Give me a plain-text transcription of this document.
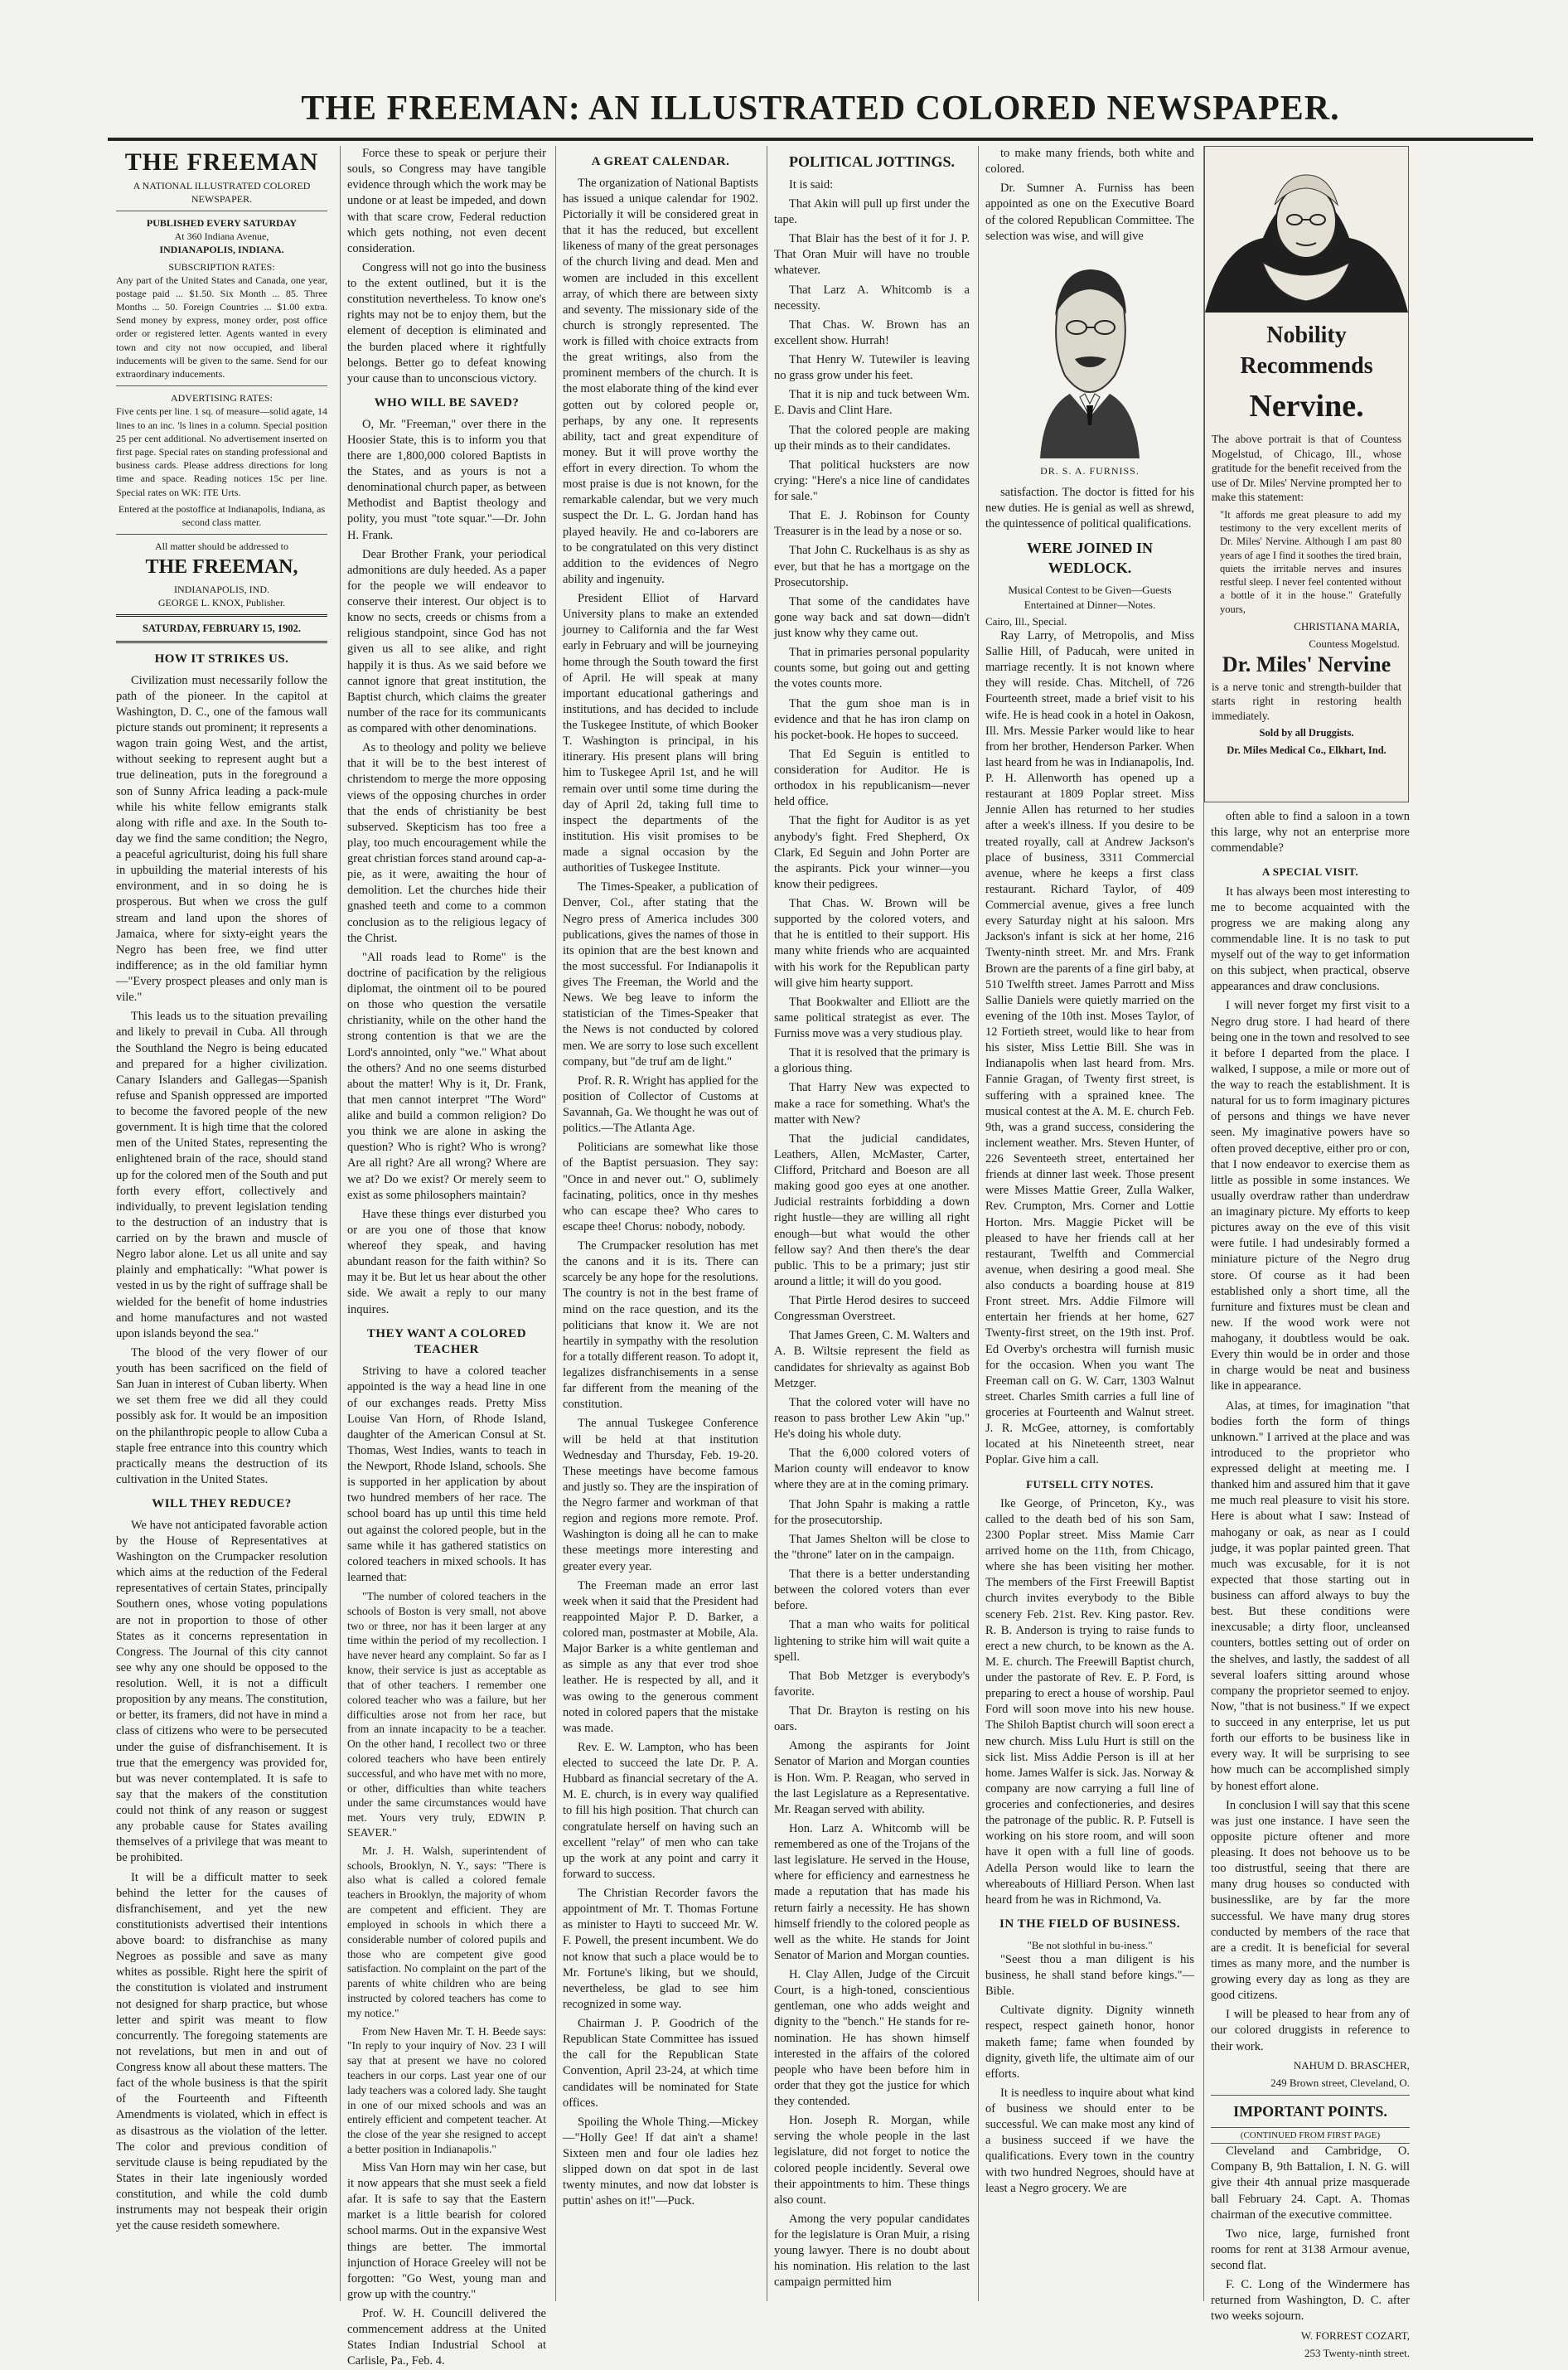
THE FREEMAN: AN ILLUSTRATED COLORED NEWSPAPER.
THE FREEMAN
A NATIONAL ILLUSTRATED COLORED NEWSPAPER.
PUBLISHED EVERY SATURDAY
At 360 Indiana Avenue,
INDIANAPOLIS, INDIANA.
SUBSCRIPTION RATES:
Any part of the United States and Canada, one year, postage paid ... $1.50. Six Month ... 85. Three Months ... 50. Foreign Countries ... $1.00 extra. Send money by express, money order, post office order or registered letter. Agents wanted in every town and city not now occupied, and liberal inducements will be given to the same. Send for our extraordinary inducements.
ADVERTISING RATES:
Five cents per line. 1 sq. of measure—solid agate, 14 lines to an inc. 'ls lines in a column. Special position 25 per cent additional. No advertisement inserted on first page. Special rates on standing professional and business cards. Please address directions for long time and space. Reading notices 15c per line. Special rates on WK: ITE Urts.
Entered at the postoffice at Indianapolis, Indiana, as second class matter.
All matter should be addressed to
THE FREEMAN,
INDIANAPOLIS, IND.
GEORGE L. KNOX, Publisher.
SATURDAY, FEBRUARY 15, 1902.
HOW IT STRIKES US.

Civilization must necessarily follow the path of the pioneer. In the capitol at Washington, D. C., one of the famous wall picture stands out prominent; it represents a wagon train going West, and the artist, without seeking to represent aught but a true delineation, puts in the foreground a son of Sunny Africa leading a pack-mule while his white fellow emigrants stalk along with rifle and axe. In the South to-day we find the same condition; the Negro, a peaceful agriculturist, doing his full share in upbuilding the material interests of his environment, and in so doing he is prosperous. But when we cross the gulf stream and land upon the shores of Jamaica, where for sixty-eight years the Negro has been free, we find utter indifference; as in the old familiar hymn—"Every prospect pleases and only man is vile."

This leads us to the situation prevailing and likely to prevail in Cuba. All through the Southland the Negro is being educated and prepared for a higher civilization. Canary Islanders and Gallegas—Spanish refuse and Spanish oppressed are imported to become the favored people of the new government. It is high time that the colored men of the United States, representing the enlightened brain of the race, should stand up for the colored men of the South and put forth every effort, collectively and individually, to prevent legislation tending to the destruction of an industry that is carried on by the brawn and muscle of Negro labor alone. Let us all unite and say plainly and emphatically: "What power is vested in us by the right of suffrage shall be wielded for the benefit of home industries and home manufactures and not wasted upon islands beyond the sea."

The blood of the very flower of our youth has been sacrificed on the field of San Juan in interest of Cuban liberty. When we set them free we did all they could possibly ask for. It would be an imposition on the philanthropic people to allow Cuba a staple free entrance into this country which practically means the destruction of its cultivation in the United States.

WILL THEY REDUCE?

We have not anticipated favorable action by the House of Representatives at Washington on the Crumpacker resolution which aims at the reduction of the Federal representatives of certain States, principally Southern ones, whose voting populations are not in proportion to those of other States as it concerns representation in Congress. The Journal of this city cannot see why any one should be opposed to the resolution. Well, it is not a difficult proposition by any means. The constitution, or better, its framers, did not have in mind a class of citizens who were to be persecuted under the guise of disfranchisement. It is true that the emergency was provided for, but was never contemplated. It is safe to say that the makers of the constitution could not think of any reason or suggest any probable cause for States availing themselves of a privilege that was meant to be prohibited.

It will be a difficult matter to seek behind the letter for the causes of disfranchisement, and yet the new constitutionists advertised their intentions above board: to disfranchise as many Negroes as possible and save as many whites as possible. Right here the spirit of the constitution is violated and instrument not designed for sharp practice, but whose letter and spirit was meant to flow concurrently. The foregoing statements are not revelations, but men in and out of Congress know all about these matters. The fact of the whole business is that the spirit of the Fourteenth and Fifteenth Amendments is violated, which in effect is as disastrous as the violation of the letter. The color and previous condition of servitude clause is being repudiated by the States in their late ingeniously worded constitution, and while the cold dumb instruments may not bespeak their origin yet the cause resideth somewhere.

Force these to speak or perjure their souls, so Congress may have tangible evidence through which the work may be undone or at least be impeded, and down with that scare crow, Federal reduction which gets nothing, not even decent consideration.

Congress will not go into the business to the extent outlined, but it is the constitution nevertheless. To know one's rights may not be to enjoy them, but the element of deception is eliminated and the burden placed where it rightfully belongs. Better go to defeat knowing your cause than to unconscious victory.

WHO WILL BE SAVED?

O, Mr. "Freeman," over there in the Hoosier State, this is to inform you that there are 1,800,000 colored Baptists in the States, and as yours is not a denominational church paper, as between Methodist and Baptist theology and polity, you must "tote squar."—Dr. John H. Frank.

Dear Brother Frank, your periodical admonitions are duly heeded. As a paper for the people we will endeavor to conserve their interest. Our object is to know no sects, creeds or chisms from a religious standpoint, since God has not given us all to see alike, and right happily it is thus. As we said before we cannot ignore that great institution, the Baptist church, which claims the greater number of the race for its communicants as compared with other denominations.

As to theology and polity we believe that it will be to the best interest of christendom to merge the more opposing views of the opposing churches in order that the ends of christianity be best subserved. Skepticism has too free a play, too much encouragement while the great christian forces stand around cap-a-pie, as it were, awaiting the hour of demolition. Let the churches hide their gnashed teeth and come to a common conclusion as to the religious legacy of the Christ.

"All roads lead to Rome" is the doctrine of pacification by the religious diplomat, the ointment oil to be poured on those who question the versatile christianity, while on the other hand the strong contention is that we are the Lord's annointed, only "we." What about the others? And no one seems disturbed about the matter! Why is it, Dr. Frank, that men cannot interpret "The Word" alike and build a common religion? Do you think we are alone in asking the question? Who is right? Who is wrong? Are all right? Are all wrong? Where are we at? Do we exist? Or merely seem to exist as some philosophers maintain?

Have these things ever disturbed you or are you one of those that know whereof they speak, and having abundant reason for the faith within? So may it be. But let us hear about the other side. We await a reply to our many inquires.

THEY WANT A COLORED TEACHER

Striving to have a colored teacher appointed is the way a head line in one of our exchanges reads. Pretty Miss Louise Van Horn, of Rhode Island, daughter of the American Consul at St. Thomas, West Indies, wants to teach in the Newport, Rhode Island, schools. She is supported in her application by about two hundred members of her race. The school board has up until this time held out against the colored people, but in the same while it has gathered statistics on colored teachers in mixed schools. It has learned that:

"The number of colored teachers in the schools of Boston is very small, not above two or three, nor has it been larger at any time within the period of my recollection. I have never heard any complaint. So far as I know, their service is just as acceptable as that of other teachers. I remember one colored teacher who was a failure, but her difficulties arose not from her race, but from an innate incapacity to be a teacher. On the other hand, I recollect two or three colored teachers who have been entirely successful, and who have met with no more, or other, difficulties than white teachers under the same circumstances would have met. Yours very truly, EDWIN P. SEAVER."

Mr. J. H. Walsh, superintendent of schools, Brooklyn, N. Y., says: "There is also what is called a colored female teachers in Brooklyn, the majority of whom are competent and efficient. They are employed in schools in which there a considerable number of colored pupils and those who are competent give good satisfaction. No complaint on the part of the parents of white children who are being instructed by colored teachers has come to my notice."

From New Haven Mr. T. H. Beede says: "In reply to your inquiry of Nov. 23 I will say that at present we have no colored teachers in our corps. Last year one of our lady teachers was a colored lady. She taught in one of our mixed schools and was an entirely efficient and competent teacher. At the close of the year she resigned to accept a better position in Indianapolis."

Miss Van Horn may win her case, but it now appears that she must seek a field afar. It is safe to say that the Eastern market is a little bearish for colored school marms. Out in the expansive West things are better. The immortal injunction of Horace Greeley will not be forgotten: "Go West, young man and grow up with the country."

Prof. W. H. Councill delivered the commencement address at the United States Indian Industrial School at Carlisle, Pa., Feb. 4.

A GREAT CALENDAR.

The organization of National Baptists has issued a unique calendar for 1902. Pictorially it will be considered great in that it has the reduced, but excellent likeness of many of the great personages of the church living and dead. Men and women are included in this excellent array, of which there are between sixty and seventy. The missionary side of the church is strongly represented. The work is filled with choice extracts from the great writings, also from the prominent members of the church. It is the most elaborate thing of the kind ever gotten out by colored people or, perhaps, by any one. It represents ability, tact and great expenditure of money. But it will prove worthy the effort in every direction. To whom the most praise is due is not known, for the remarkable calendar, but we very much suspect the Dr. L. G. Jordan hand has played heavily. He and co-laborers are to be congratulated on this very distinct addition to the evidences of Negro ability and ingenuity.

President Elliot of Harvard University plans to make an extended journey to California and the far West early in February and will be journeying home through the South toward the first of April. He will speak at many important educational gatherings and institutions, and has decided to include the Tuskegee Institute, of which Booker T. Washington is principal, in his itinerary. His present plans will bring him to Tuskegee April 1st, and he will remain over until some time during the day of April 2d, taking full time to inspect the departments of the institution. His visit promises to be made a signal occasion by the authorities of Tuskegee Institute.

The Times-Speaker, a publication of Denver, Col., after stating that the Negro press of America includes 300 publications, gives the names of those in its opinion that are the best known and the most successful. For Indianapolis it gives The Freeman, the World and the News. We beg leave to inform the statistician of the Times-Speaker that the News is not conducted by colored men. We are sorry to lose such excellent company, but "de truf am de light."

Prof. R. R. Wright has applied for the position of Collector of Customs at Savannah, Ga. We thought he was out of politics.—The Atlanta Age.

Politicians are somewhat like those of the Baptist persuasion. They say: "Once in and never out." O, sublimely facinating, politics, once in thy meshes who can escape thee? Who cares to escape thee! Chorus: nobody, nobody.

The Crumpacker resolution has met the canons and it is its. There can scarcely be any hope for the resolutions. The country is not in the best frame of mind on the race question, and its the politicians that know it. We are not heartily in sympathy with the resolution for a totally different reason. To adopt it, legalizes disfranchisements in a sense far different from the meaning of the constitution.

The annual Tuskegee Conference will be held at that institution Wednesday and Thursday, Feb. 19-20. These meetings have become famous and justly so. They are the inspiration of the Negro farmer and workman of that region and regions more remote. Prof. Washington is doing all he can to make these meetings more interesting and greater every year.

The Freeman made an error last week when it said that the President had reappointed Major P. D. Barker, a colored man, postmaster at Mobile, Ala. Major Barker is a white gentleman and as simple as any that ever trod shoe leather. He is respected by all, and it was owing to the generous comment noted in colored papers that the mistake was made.

Rev. E. W. Lampton, who has been elected to succeed the late Dr. P. A. Hubbard as financial secretary of the A. M. E. church, is in every way qualified to fill his high position. That church can congratulate herself on having such an excellent "relay" of men who can take up the work at any point and carry it forward to success.

The Christian Recorder favors the appointment of Mr. T. Thomas Fortune as minister to Hayti to succeed Mr. W. F. Powell, the present incumbent. We do not know that such a place would be to Mr. Fortune's liking, but we should, nevertheless, be glad to see him recognized in some way.

Chairman J. P. Goodrich of the Republican State Committee has issued the call for the Republican State Convention, April 23-24, at which time candidates will be nominated for State offices.

Spoiling the Whole Thing.—Mickey—"Holly Gee! If dat ain't a shame! Sixteen men and four ole ladies hez slipped down on dat spot in de last twenty minutes, and now dat lobster is puttin' ashes on it!"—Puck.

POLITICAL JOTTINGS.

It is said:

That Akin will pull up first under the tape.

That Blair has the best of it for J. P. That Oran Muir will have no trouble whatever.

That Larz A. Whitcomb is a necessity.

That Chas. W. Brown has an excellent show. Hurrah!

That Henry W. Tutewiler is leaving no grass grow under his feet.

That it is nip and tuck between Wm. E. Davis and Clint Hare.

That the colored people are making up their minds as to their candidates.

That political hucksters are now crying: "Here's a nice line of candidates for sale."

That E. J. Robinson for County Treasurer is in the lead by a nose or so.

That John C. Ruckelhaus is as shy as ever, but that he has a mortgage on the Prosecutorship.

That some of the candidates have gone way back and sat down—didn't just know why they came out.

That in primaries personal popularity counts some, but going out and getting the votes counts more.

That the gum shoe man is in evidence and that he has iron clamp on his pocket-book. He hopes to succeed.

That Ed Seguin is entitled to consideration for Auditor. He is orthodox in his republicanism—never held office.

That the fight for Auditor is as yet anybody's fight. Fred Shepherd, Ox Clark, Ed Seguin and John Porter are the aspirants. Pick your winner—you know their pedigrees.

That Chas. W. Brown will be supported by the colored voters, and that he is entitled to their support. His many white friends who are acquainted with his work for the Republican party will give him hearty support.

That Bookwalter and Elliott are the same political strategist as ever. The Furniss move was a very studious play.

That it is resolved that the primary is a glorious thing.

That Harry New was expected to make a race for something. What's the matter with New?

That the judicial candidates, Leathers, Allen, McMaster, Carter, Clifford, Pritchard and Boeson are all making good goo eyes at one another. Judicial restraints forbidding a down right hustle—they are willing all right enough—but what would the other fellow say? And then there's the dear public. This to be a primary; just stir around a little; it will do you good.

That Pirtle Herod desires to succeed Congressman Overstreet.

That James Green, C. M. Walters and A. B. Wiltsie represent the field as candidates for shrievalty as against Bob Metzger.

That the colored voter will have no reason to pass brother Lew Akin "up." He's doing his whole duty.

That the 6,000 colored voters of Marion county will endeavor to know where they are at in the coming primary.

That John Spahr is making a rattle for the prosecutorship.

That James Shelton will be close to the "throne" later on in the campaign.

That there is a better understanding between the colored voters than ever before.

That a man who waits for political lightening to strike him will wait quite a spell.

That Bob Metzger is everybody's favorite.

That Dr. Brayton is resting on his oars.

Among the aspirants for Joint Senator of Marion and Morgan counties is Hon. Wm. P. Reagan, who served in the last Legislature as a Representative. Mr. Reagan served with ability.

Hon. Larz A. Whitcomb will be remembered as one of the Trojans of the last legislature. He served in the House, where for efficiency and earnestness he made a reputation that has made his return fairly a necessity. He has shown himself friendly to the colored people as well as the white. He stands for Joint Senator of Marion and Morgan counties.

H. Clay Allen, Judge of the Circuit Court, is a high-toned, conscientious gentleman, one who adds weight and dignity to the "bench." He stands for re-nomination. He has shown himself interested in the affairs of the colored people who have been before him in order that they got the justice for which they contended.

Hon. Joseph R. Morgan, while serving the whole people in the last legislature, did not forget to notice the colored people incidently. Several owe their appointments to him. These things also count.

Among the very popular candidates for the legislature is Oran Muir, a rising young lawyer. There is no doubt about his nomination. His relation to the last campaign permitted him

to make many friends, both white and colored.

Dr. Sumner A. Furniss has been appointed as one on the Executive Board of the colored Republican Committee. The selection was wise, and will give

DR. S. A. FURNISS.

satisfaction. The doctor is fitted for his new duties. He is genial as well as shrewd, the quintessence of political qualifications.

WERE JOINED IN WEDLOCK.
Musical Contest to be Given—Guests Entertained at Dinner—Notes.
Cairo, Ill., Special.

Ray Larry, of Metropolis, and Miss Sallie Hill, of Paducah, were united in marriage recently. It is not known where they will reside. Chas. Mitchell, of 726 Fourteenth street, made a brief visit to his wife. He is head cook in a hotel in Oakosn, Ill. Mrs. Messie Parker would like to hear from her brother, Henderson Parker. When last heard from he was in Indianapolis, Ind. P. H. Allenworth has opened up a restaurant at 1809 Poplar street. Miss Jennie Allen has returned to her studies after a week's illness. If you desire to be treated royally, call at Andrew Jackson's place of business, 3311 Commercial avenue, where he keeps a first class restaurant. Richard Taylor, of 409 Commercial avenue, gives a free lunch every Saturday night at his saloon. Mrs Jackson's infant is sick at her home, 216 Twenty-ninth street. Mr. and Mrs. Frank Brown are the parents of a fine girl baby, at 510 Twelfth street. James Parrott and Miss Sallie Daniels were quietly married on the evening of the 10th inst. Moses Taylor, of 12 Fortieth street, would like to hear from his sister, Miss Lettie Bill. She was in Indianapolis when last heard from. Mrs. Fannie Gragan, of Twenty first street, is suffering with a sprained knee. The musical contest at the A. M. E. church Feb. 9th, was a grand success, considering the inclement weather. Mrs. Steven Hunter, of 226 Seventeeth street, entertained her friends at dinner last week. Those present were Misses Mattie Greer, Zulla Walker, Rev. Crumpton, Mrs. Corner and Lottie Horton. Mrs. Maggie Picket will be pleased to have her friends call at her restaurant, Twelfth and Commercial avenue, when desiring a good meal. She also conducts a boarding house at 819 Front street. Mrs. Addie Filmore will entertain her friends at her home, 627 Twenty-first street, on the 19th inst. Prof. Ed Overby's orchestra will furnish music for the occasion. When you want The Freeman call on G. W. Carr, 1303 Walnut street. Charles Smith carries a full line of groceries at Fourteenth and Walnut street. J. R. McGee, attorney, is comfortably located at his Nineteenth street, near Poplar. Give him a call.

FUTSELL CITY NOTES.

Ike George, of Princeton, Ky., was called to the death bed of his son Sam, 2300 Poplar street. Miss Mamie Carr arrived home on the 11th, from Chicago, where she has been visiting her mother. The members of the First Freewill Baptist church invites everybody to the Bible scenery Feb. 21st. Rev. King pastor. Rev. R. B. Anderson is trying to raise funds to erect a new church, to be known as the A. M. E. church. The Freewill Baptist church, under the pastorate of Rev. E. P. Ford, is preparing to erect a house of worship. Paul Ford will soon move into his new house. The Shiloh Baptist church will soon erect a new church. Miss Lulu Hurt is still on the sick list. Miss Addie Person is ill at her home. James Walfer is sick. Jas. Norway & company are now carrying a full line of groceries and confectioneries, and desires the patronage of the public. R. P. Futsell is working on his store room, and will soon have it open with a full line of goods. Adella Person would like to learn the whereabouts of Hilliard Person. When last heard from he was in Richmond, Va.

IN THE FIELD OF BUSINESS.
"Be not slothful in bu-iness."

"Seest thou a man diligent is his business, he shall stand before kings."—Bible.

Cultivate dignity. Dignity winneth respect, respect gaineth honor, honor maketh fame; fame when founded by dignity, giveth life, the ultimate aim of our efforts.

It is needless to inquire about what kind of business we should enter to be successful. We can make most any kind of a business succeed if we have the qualifications. Every town in the country with two hundred Negroes, should have at least a Negro grocery. We are

Nobility
Recommends
Nervine.
The above portrait is that of Countess Mogelstud, of Chicago, Ill., whose gratitude for the benefit received from the use of Dr. Miles' Nervine prompted her to make this statement:
"It affords me great pleasure to add my testimony to the very excellent merits of Dr. Miles' Nervine. Although I am past 80 years of age I find it soothes the tired brain, quiets the irritable nerves and insures restful sleep. I never feel contented without a bottle of it in the house." Gratefully yours,
CHRISTIANA MARIA,
Countess Mogelstud.
Dr. Miles' Nervine
is a nerve tonic and strength-builder that starts right in restoring health immediately.
Sold by all Druggists.
Dr. Miles Medical Co., Elkhart, Ind.

often able to find a saloon in a town this large, why not an enterprise more commendable?

A SPECIAL VISIT.

It has always been most interesting to me to become acquainted with the progress we are making along any commendable line. It is no task to put myself out of the way to get information on this subject, when practical, observe appearances and draw conclusions.

I will never forget my first visit to a Negro drug store. I had heard of there being one in the town and resolved to see it before I departed from the place. I walked, I suppose, a mile or more out of the way to reach the establishment. It is natural for us to form imaginary pictures of persons and things we have never seen. My imaginative powers have so often proved deceptive, either pro or con, that I now endeavor to exercise them as little as possible in some instances. We usually overdraw rather than underdraw an imaginary picture. My efforts to keep pictures away on the eve of this visit were futile. I had undesirably formed a miniature picture of the Negro drug store. Of course as it had been established only a short time, all the furniture and fixtures must be clean and new. If the wood work were not mahogany, it doubtless would be oak. Every thin would be in order and those in charge would be neat and business like in appearance.

Alas, at times, for imagination "that bodies forth the form of things unknown." I arrived at the place and was introduced to the proprietor who expressed delight at meeting me. I thanked him and assured him that it gave me much real pleasure to visit his store. Here is about what I saw: Instead of mahogany or oak, as near as I could judge, it was poplar painted green. That much was excusable, for it is not expected that those starting out in business can afford always to buy the best. But these conditions were inexcusable; a dirty floor, uncleansed counters, bottles setting out of order on the shelves, and lastly, the saddest of all several loafers sitting around whose company the proprietor seemed to enjoy. Now, "that is not business." If we expect to succeed in any enterprise, let us put forth our efforts to be business like in every way. It will be surprising to see how much can be accomplished simply by honest effort alone.

In conclusion I will say that this scene was just one instance. I have seen the opposite picture oftener and more pleasing. It does not behoove us to be too distrustful, seeing that there are many drug houses so conducted with businesslike, are by far the more successful. We have many drug stores conducted by members of the race that are a credit. It is beneficial for several times as many more, and the number is growing every day as long as they are good citizens.

I will be pleased to hear from any of our colored druggists in reference to their work.

NAHUM D. BRASCHER,
249 Brown street, Cleveland, O.
IMPORTANT POINTS.
(CONTINUED FROM FIRST PAGE)

Cleveland and Cambridge, O. Company B, 9th Battalion, I. N. G. will give their 4th annual prize masquerade ball February 24. Capt. A. Thomas chairman of the executive committee.

Two nice, large, furnished front rooms for rent at 3138 Armour avenue, second flat.

F. C. Long of the Windermere has returned from Washington, D. C. after two weeks sojourn.

W. FORREST COZART,
253 Twenty-ninth street.
